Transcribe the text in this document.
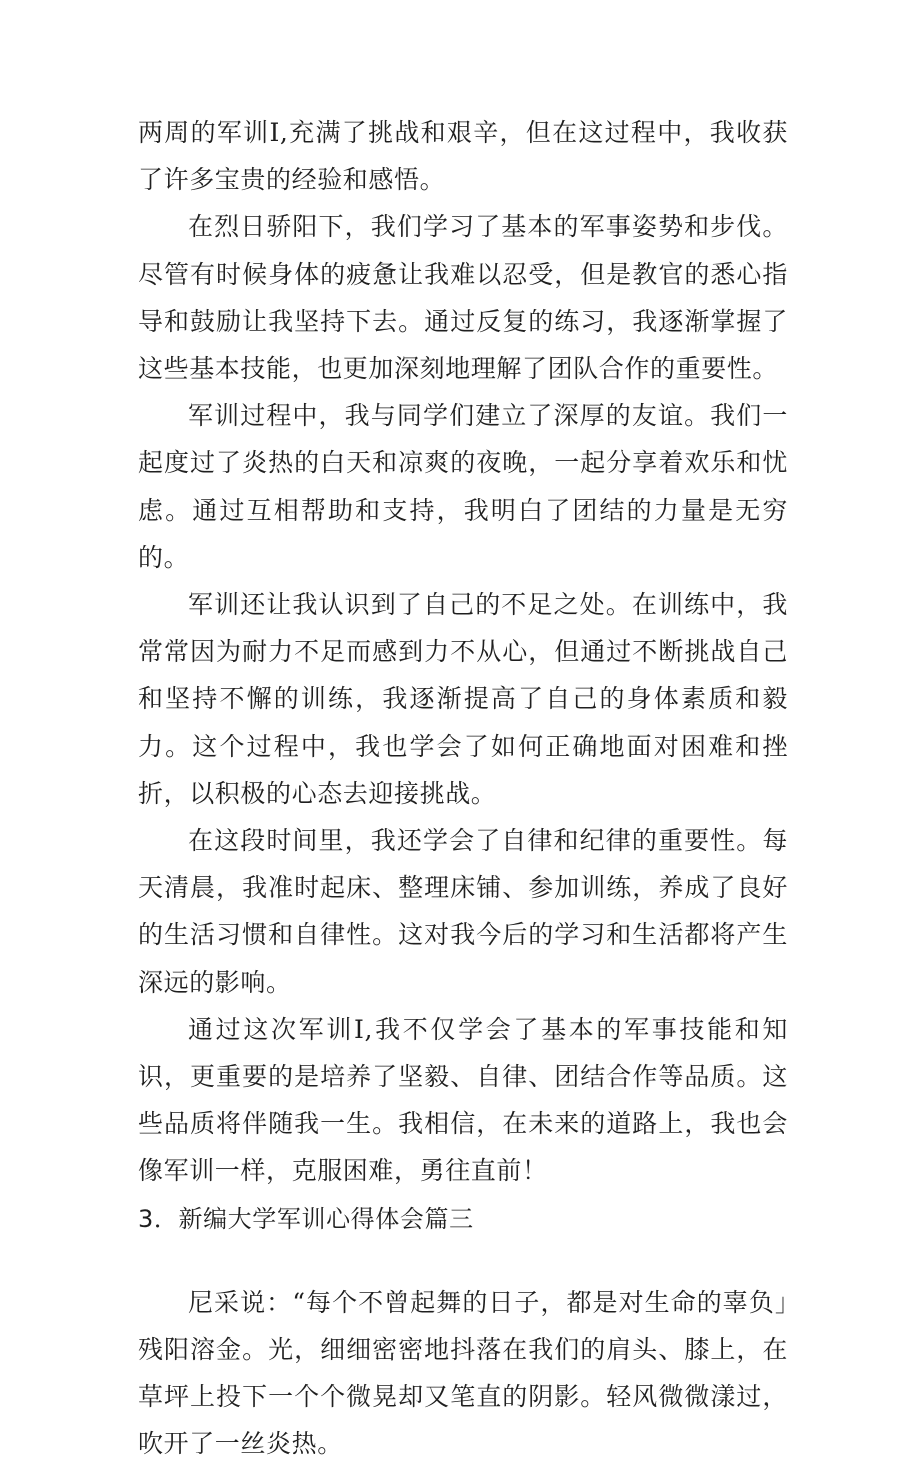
两周的军训I,充满了挑战和艰辛，但在这过程中，我收获了许多宝贵的经验和感悟。

在烈日骄阳下，我们学习了基本的军事姿势和步伐。尽管有时候身体的疲惫让我难以忍受，但是教官的悉心指导和鼓励让我坚持下去。通过反复的练习，我逐渐掌握了这些基本技能，也更加深刻地理解了团队合作的重要性。

军训过程中，我与同学们建立了深厚的友谊。我们一起度过了炎热的白天和凉爽的夜晚，一起分享着欢乐和忧虑。通过互相帮助和支持，我明白了团结的力量是无穷的。

军训还让我认识到了自己的不足之处。在训练中，我常常因为耐力不足而感到力不从心，但通过不断挑战自己和坚持不懈的训练，我逐渐提高了自己的身体素质和毅力。这个过程中，我也学会了如何正确地面对困难和挫折，以积极的心态去迎接挑战。

在这段时间里，我还学会了自律和纪律的重要性。每天清晨，我准时起床、整理床铺、参加训练，养成了良好的生活习惯和自律性。这对我今后的学习和生活都将产生深远的影响。

通过这次军训I,我不仅学会了基本的军事技能和知识，更重要的是培养了坚毅、自律、团结合作等品质。这些品质将伴随我一生。我相信，在未来的道路上，我也会像军训一样，克服困难，勇往直前！

3．新编大学军训心得体会篇三

尼采说：“每个不曾起舞的日子，都是对生命的辜负」残阳溶金。光，细细密密地抖落在我们的肩头、膝上，在草坪上投下一个个微晃却又笔直的阴影。轻风微微漾过，吹开了一丝炎热。
